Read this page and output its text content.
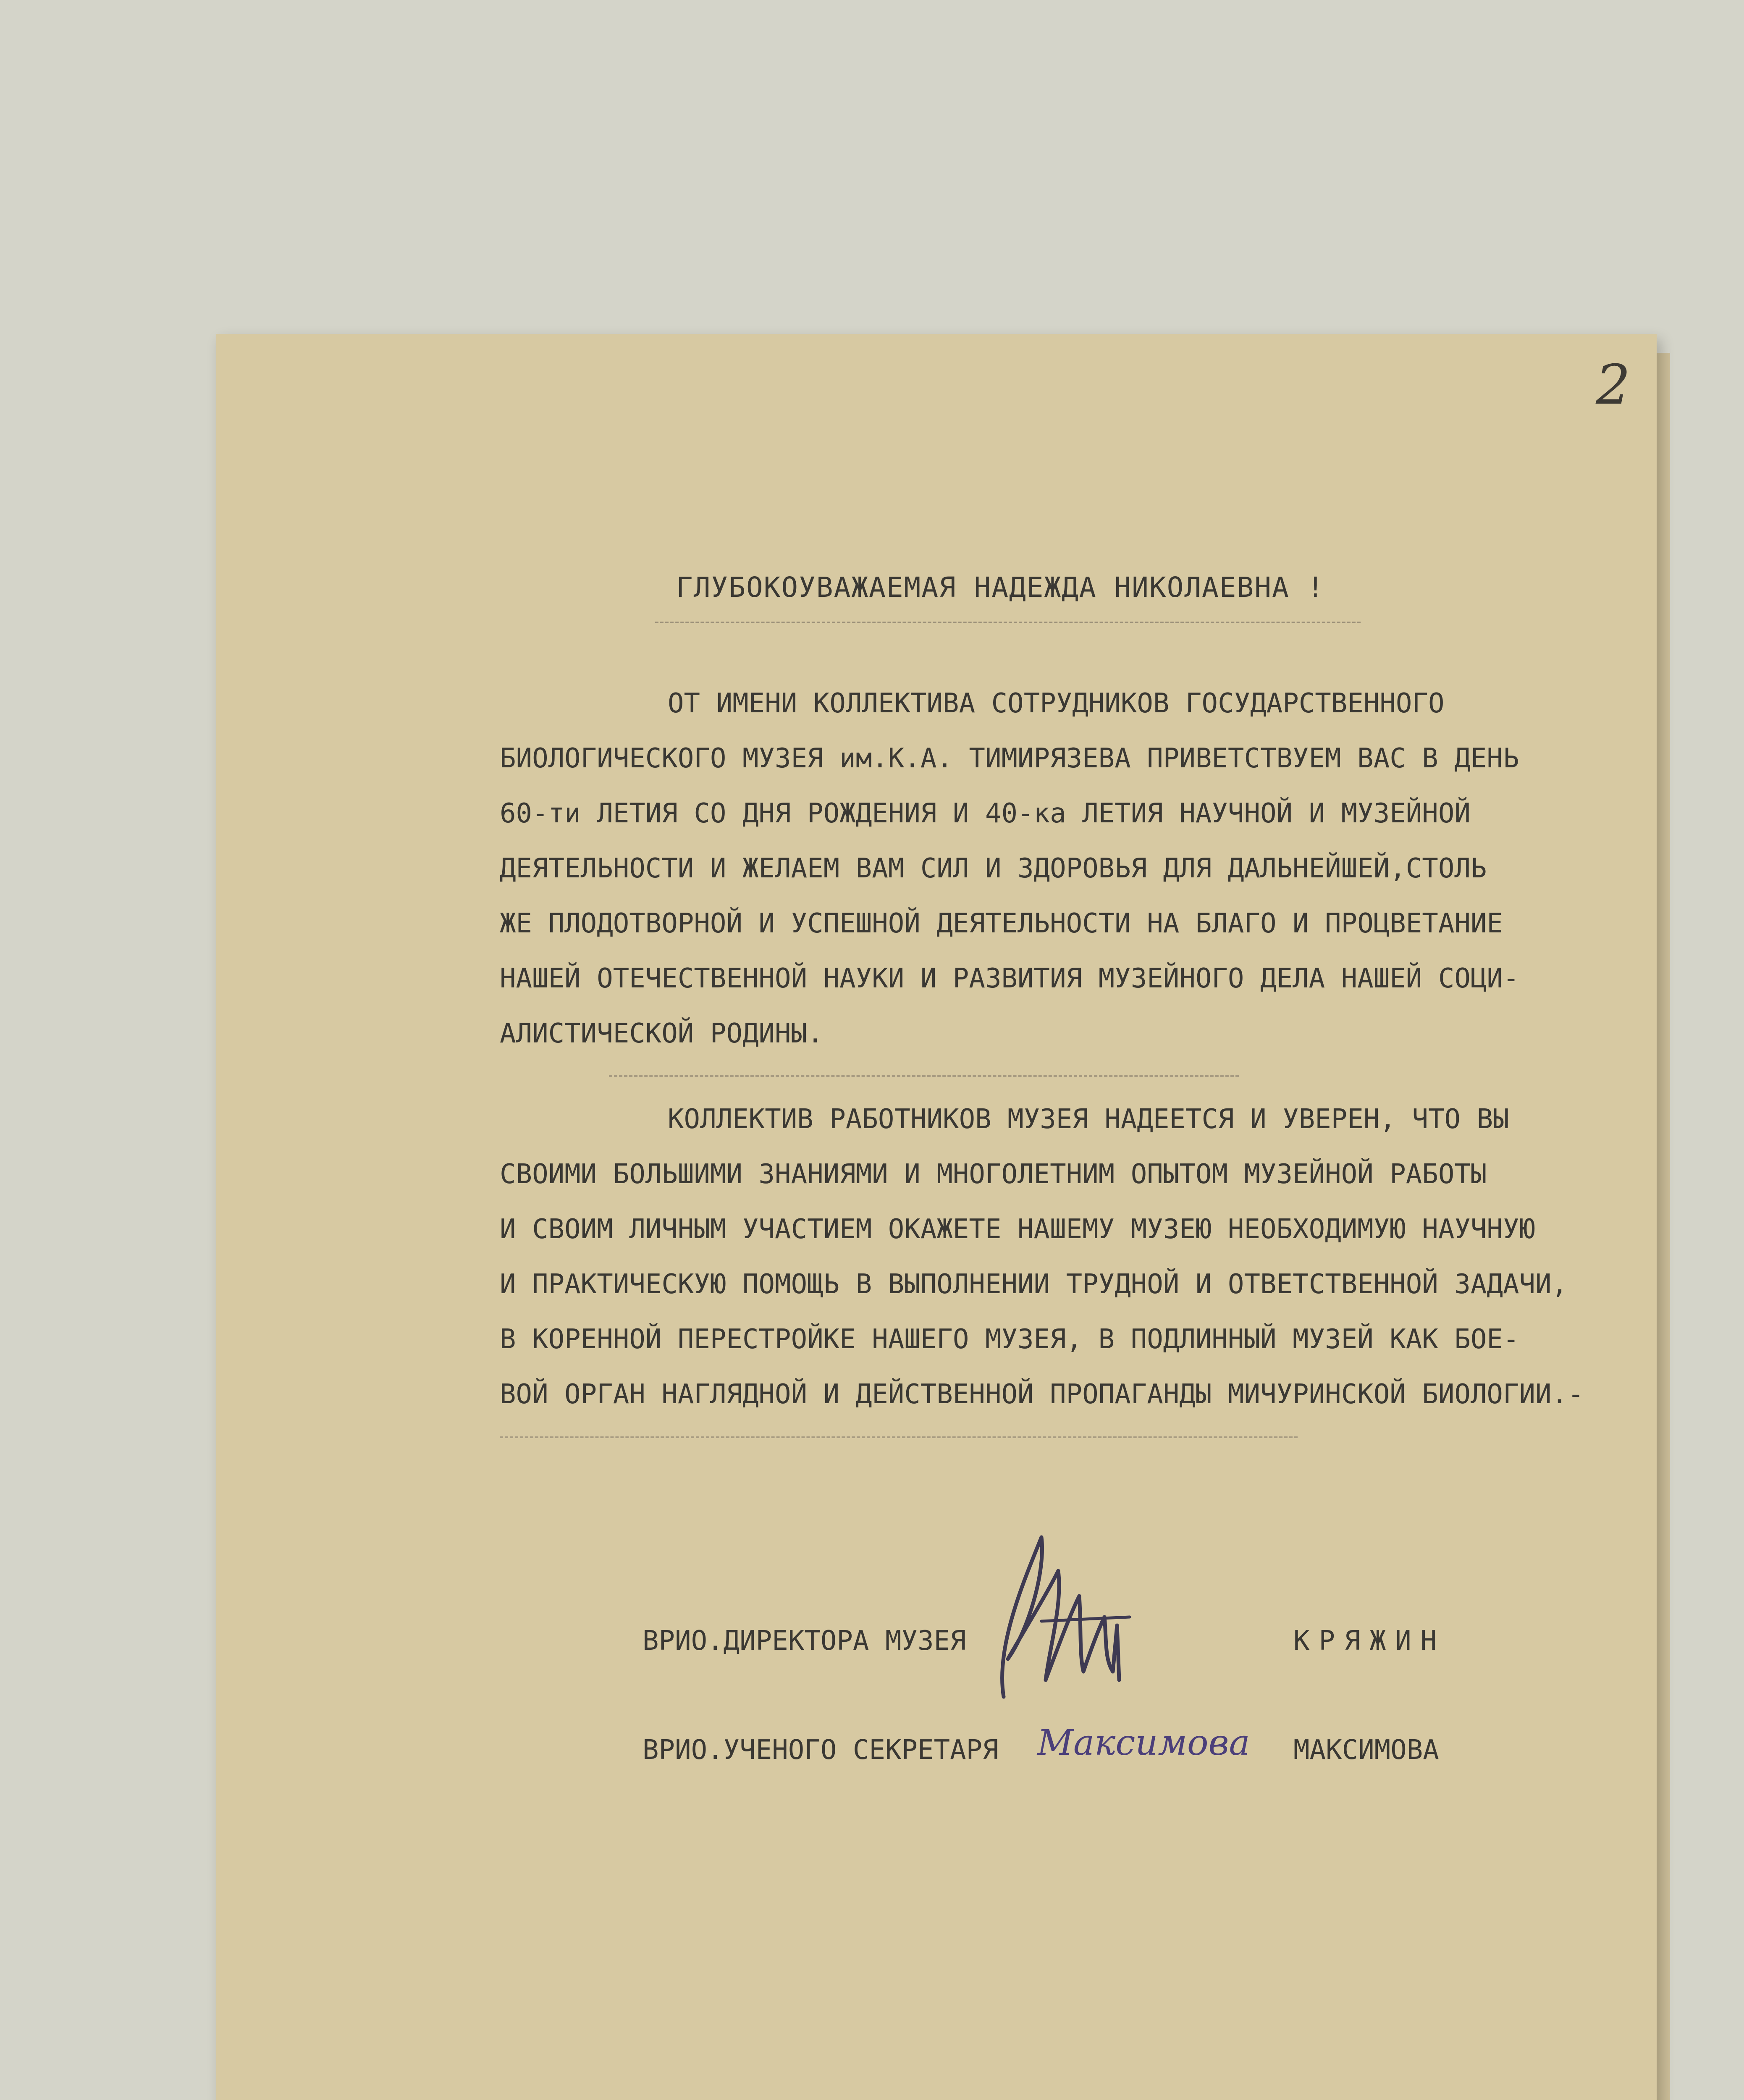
2
ГЛУБОКОУВАЖАЕМАЯ НАДЕЖДА НИКОЛАЕВНА !
ОТ ИМЕНИ КОЛЛЕКТИВА СОТРУДНИКОВ ГОСУДАРСТВЕННОГО
БИОЛОГИЧЕСКОГО МУЗЕЯ им.К.А. ТИМИРЯЗЕВА ПРИВЕТСТВУЕМ ВАС В ДЕНЬ
60-ти ЛЕТИЯ СО ДНЯ РОЖДЕНИЯ И 40-ка ЛЕТИЯ НАУЧНОЙ И МУЗЕЙНОЙ
ДЕЯТЕЛЬНОСТИ И ЖЕЛАЕМ ВАМ СИЛ И ЗДОРОВЬЯ ДЛЯ ДАЛЬНЕЙШЕЙ,СТОЛЬ
ЖЕ ПЛОДОТВОРНОЙ И УСПЕШНОЙ ДЕЯТЕЛЬНОСТИ НА БЛАГО И ПРОЦВЕТАНИЕ
НАШЕЙ ОТЕЧЕСТВЕННОЙ НАУКИ И РАЗВИТИЯ МУЗЕЙНОГО ДЕЛА НАШЕЙ СОЦИ-
АЛИСТИЧЕСКОЙ РОДИНЫ.
КОЛЛЕКТИВ РАБОТНИКОВ МУЗЕЯ НАДЕЕТСЯ И УВЕРЕН, ЧТО ВЫ
СВОИМИ БОЛЬШИМИ ЗНАНИЯМИ И МНОГОЛЕТНИМ ОПЫТОМ МУЗЕЙНОЙ РАБОТЫ
И СВОИМ ЛИЧНЫМ УЧАСТИЕМ ОКАЖЕТЕ НАШЕМУ МУЗЕЮ НЕОБХОДИМУЮ НАУЧНУЮ
И ПРАКТИЧЕСКУЮ ПОМОЩЬ В ВЫПОЛНЕНИИ ТРУДНОЙ И ОТВЕТСТВЕННОЙ ЗАДАЧИ,
В КОРЕННОЙ ПЕРЕСТРОЙКЕ НАШЕГО МУЗЕЯ, В ПОДЛИННЫЙ МУЗЕЙ КАК БОЕ-
ВОЙ ОРГАН НАГЛЯДНОЙ И ДЕЙСТВЕННОЙ ПРОПАГАНДЫ МИЧУРИНСКОЙ БИОЛОГИИ.-
ВРИО.ДИРЕКТОРА МУЗЕЯ	КРЯЖИН
ВРИО.УЧЕНОГО СЕКРЕТАРЯ Максимова МАКСИМОВА
